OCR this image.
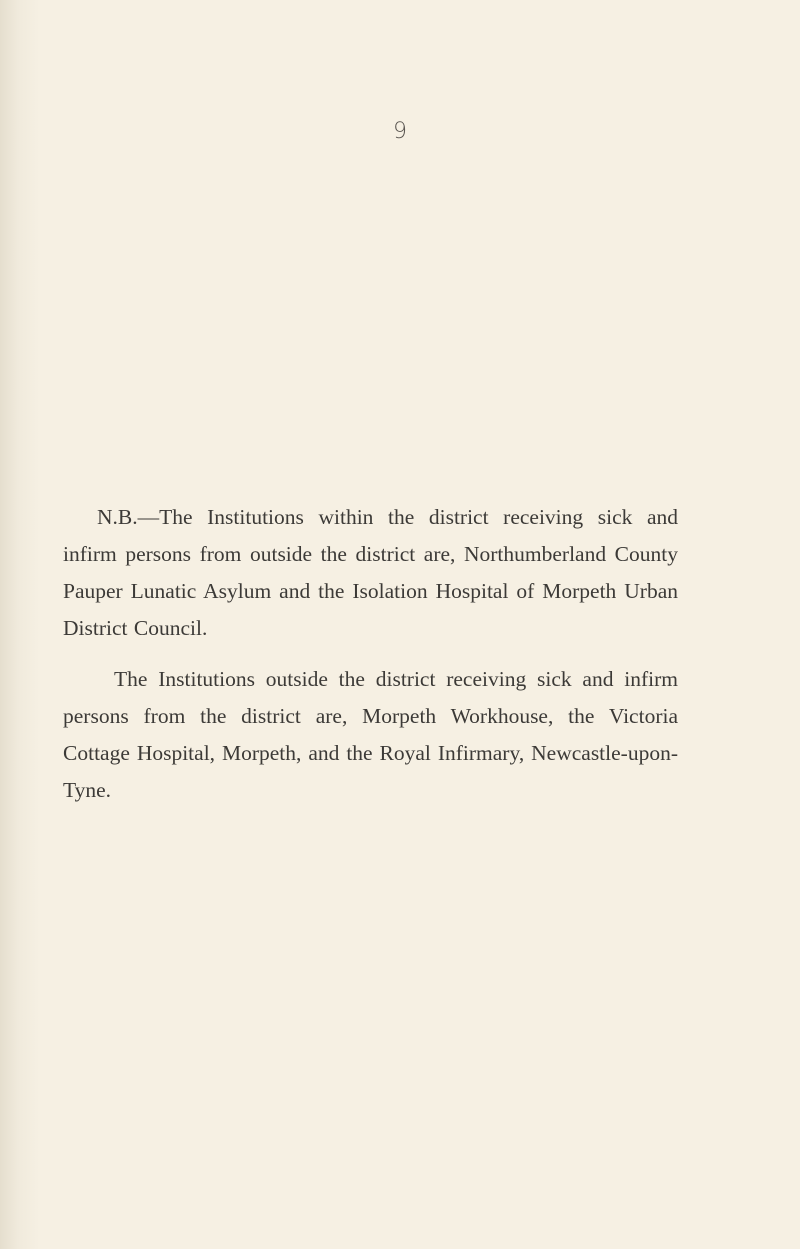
9

N.B.—The Institutions within the district receiving sick and infirm persons from outside the district are, Northumberland County Pauper Lunatic Asylum and the Isolation Hospital of Morpeth Urban District Council.

The Institutions outside the district receiving sick and infirm persons from the district are, Morpeth Workhouse, the Victoria Cottage Hospital, Morpeth, and the Royal Infirmary, Newcastle-upon-Tyne.
